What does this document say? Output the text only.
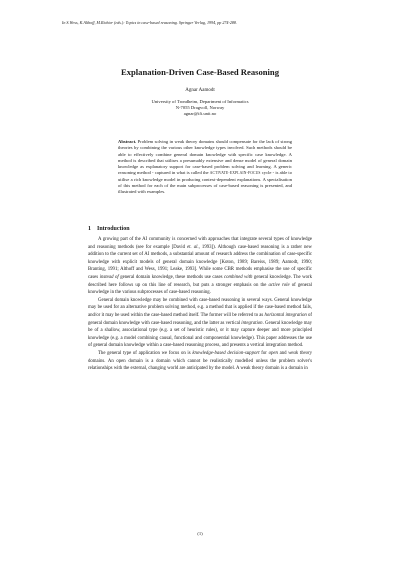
In S.Wess, K.Althoff, M.Richter (eds.): Topics in case-based reasoning. Springer Verlag, 1994, pp 274-288.
Explanation-Driven Case-Based Reasoning
Agnar Aamodt
University of Trondheim, Department of Informatics
N-7055 Dragvoll, Norway
agnar@ifi.unit.no
Abstract. Problem solving in weak theory domains should compensate for the lack of strong theories by combining the various other knowledge types involved. Such methods should be able to effectively combine general domain knowledge with specific case knowledge. A method is described that utilises a presumably extensive and dense model of general domain knowledge as explanatory support for case-based problem solving and learning. A generic reasoning method - captured in what is called the ACTIVATE-EXPLAIN-FOCUS cycle - is able to utilise a rich knowledge model in producing context-dependent explanations. A specialisation of this method for each of the main subprocesses of case-based reasoning is presented, and illustrated with examples.
1 Introduction

A growing part of the AI community is concerned with approaches that integrate several types of knowledge and reasoning methods (see for example [David et. al., 1993]). Although case-based reasoning is a rather new addition to the current set of AI methods, a substantial amount of research address the combination of case-specific knowledge with explicit models of general domain knowledge [Koton, 1989; Bareiss, 1989; Aamodt, 1990; Branting, 1991; Althoff and Wess, 1991; Leake, 1993]. While some CBR methods emphasise the use of specific cases instead of general domain knowledge, these methods use cases combined with general knowledge. The work described here follows up on this line of research, but puts a stronger emphasis on the active role of general knowledge in the various subprocesses of case-based reasoning.

General domain knowledge may be combined with case-based reasoning in several ways. General knowledge may be used for an alternative problem solving method, e.g. a method that is applied if the case-based method fails, and/or it may be used within the case-based method itself. The former will be referred to as horizontal integration of general domain knowledge with case-based reasoning, and the latter as vertical integration. General knowledge may be of a shallow, associational type (e.g. a set of heuristic rules), or it may capture deeper and more principled knowledge (e.g. a model combining causal, functional and componential knowledge). This paper addresses the use of general domain knowledge within a case-based reasoning process, and presents a vertical integration method.

The general type of application we focus on is knowledge-based decision-support for open and weak theory domains. An open domain is a domain which cannot be realistically modelled unless the problem solver's relationships with the external, changing world are anticipated by the model. A weak theory domain is a domain in

(1)
